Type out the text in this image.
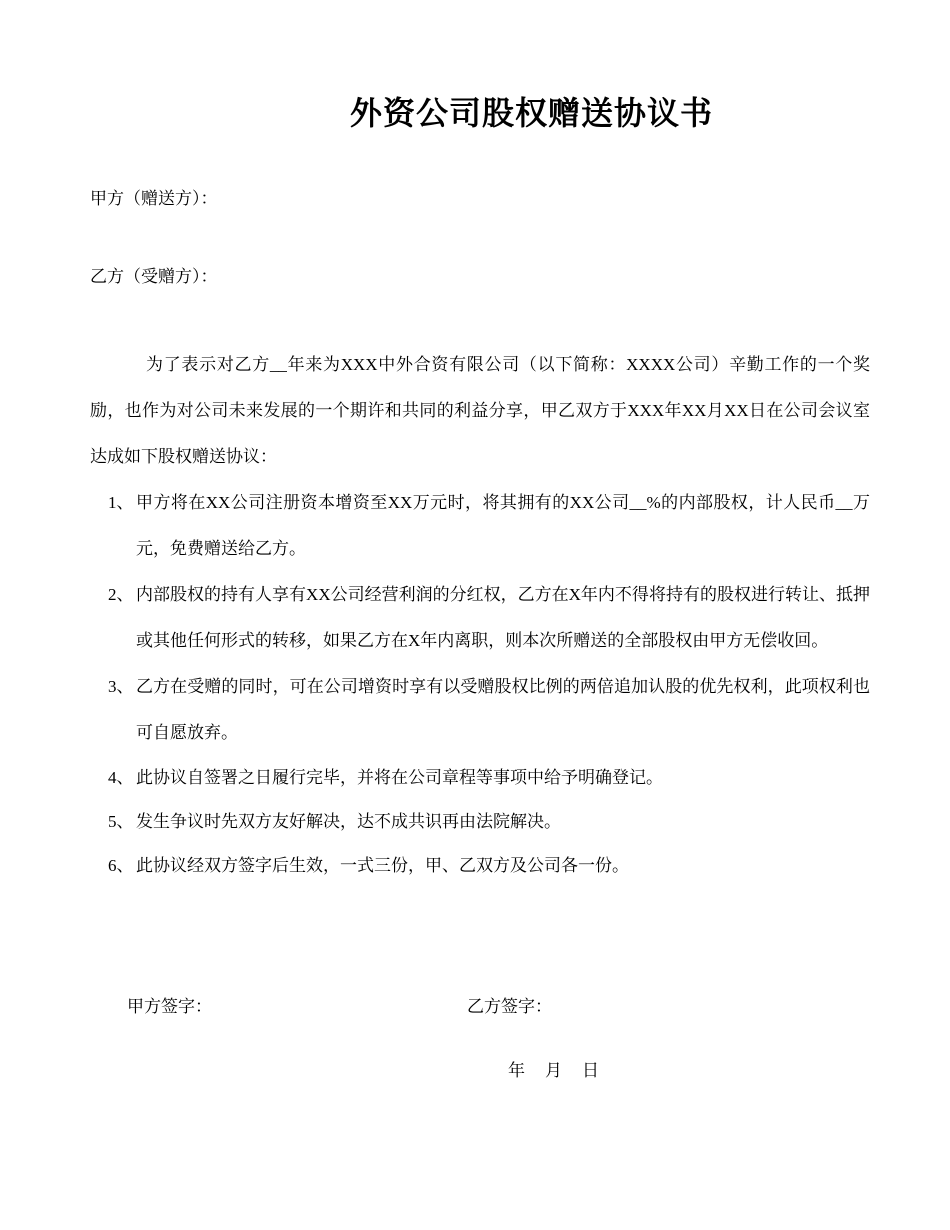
外资公司股权赠送协议书
甲方（赠送方）：
乙方（受赠方）：

为了表示对乙方__年来为XXX中外合资有限公司（以下简称：XXXX公司）辛勤工作的一个奖励，也作为对公司未来发展的一个期许和共同的利益分享，甲乙双方于XXX年XX月XX日在公司会议室达成如下股权赠送协议：

1、 甲方将在XX公司注册资本增资至XX万元时，将其拥有的XX公司__%的内部股权，计人民币__万元，免费赠送给乙方。
2、 内部股权的持有人享有XX公司经营利润的分红权，乙方在X年内不得将持有的股权进行转让、抵押或其他任何形式的转移，如果乙方在X年内离职，则本次所赠送的全部股权由甲方无偿收回。
3、 乙方在受赠的同时，可在公司增资时享有以受赠股权比例的两倍追加认股的优先权利，此项权利也可自愿放弃。
4、 此协议自签署之日履行完毕，并将在公司章程等事项中给予明确登记。
5、 发生争议时先双方友好解决，达不成共识再由法院解决。
6、 此协议经双方签字后生效，一式三份，甲、乙双方及公司各一份。
甲方签字：	乙方签字：
年 月 日
